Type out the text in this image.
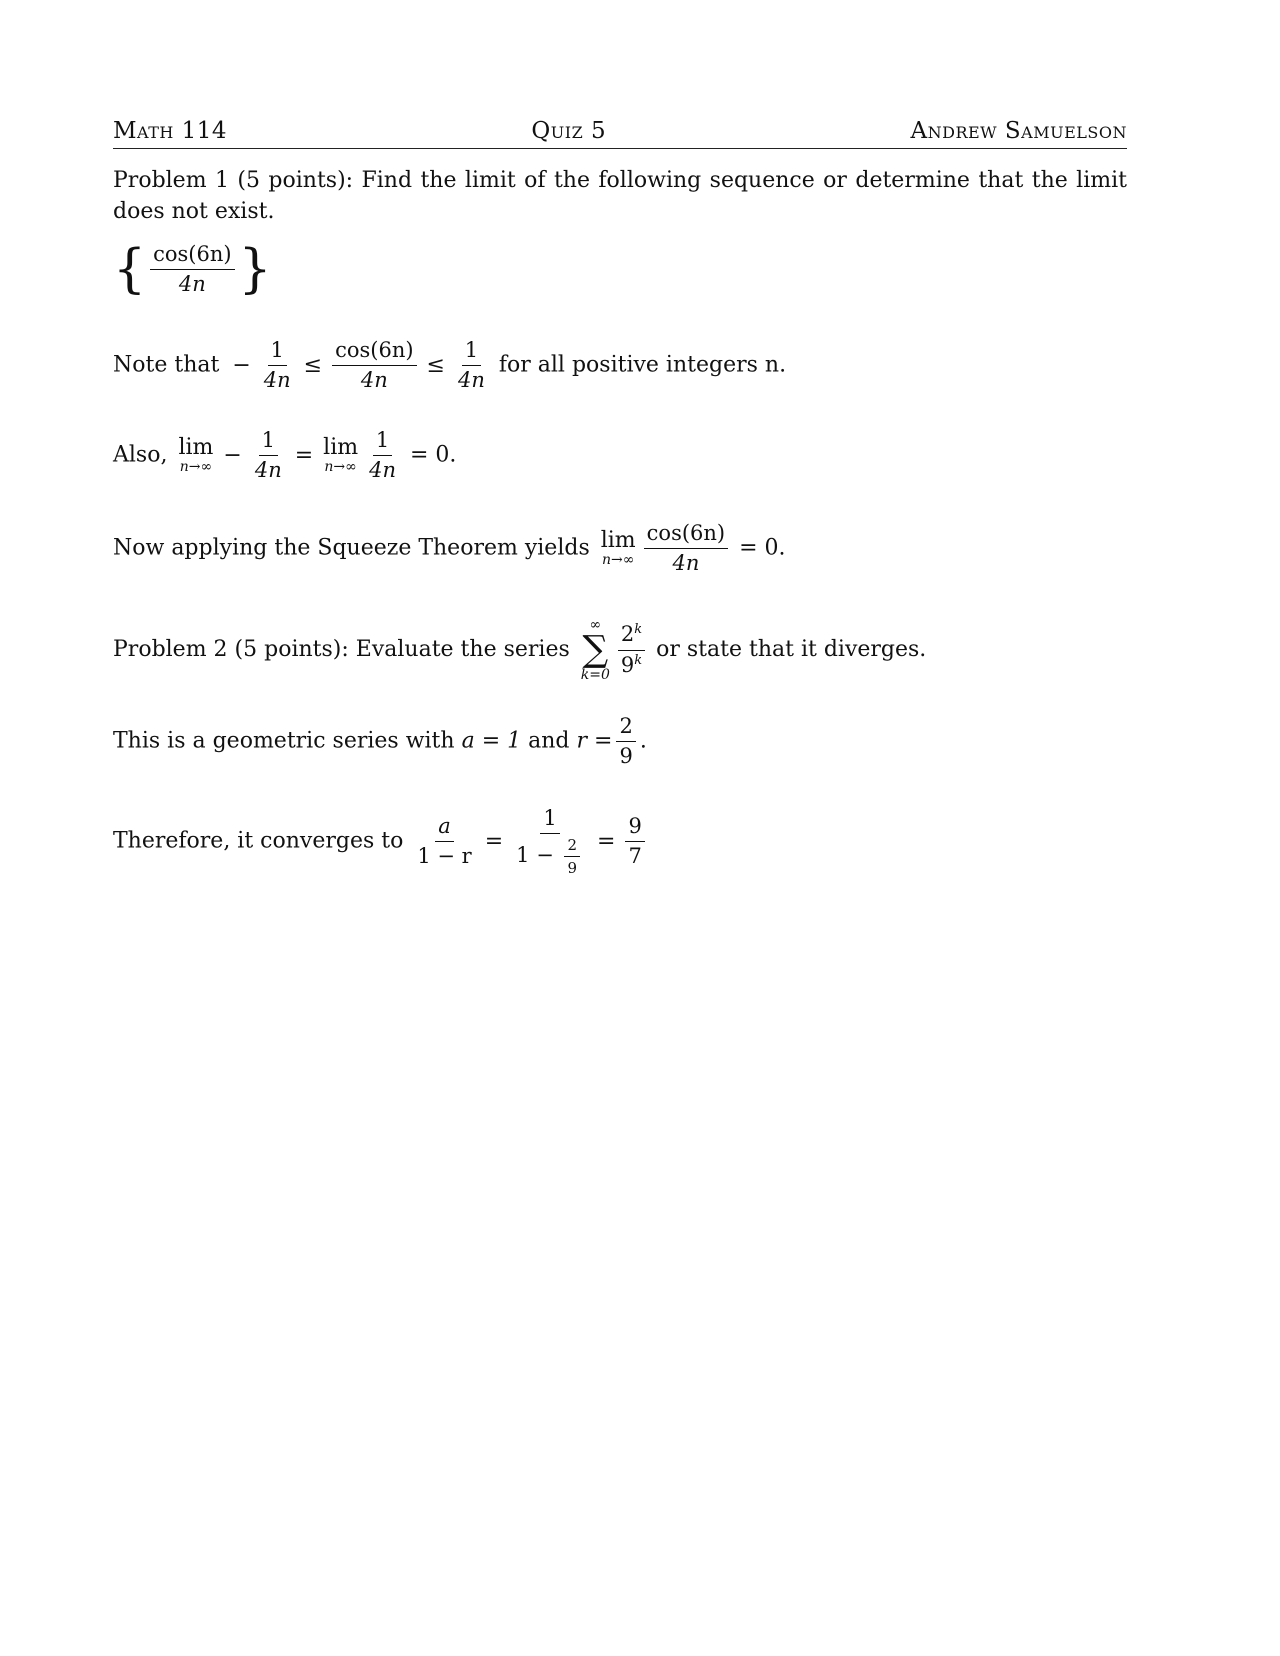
Math 114	Quiz 5	Andrew Samuelson
Problem 1 (5 points): Find the limit of the following sequence or determine that the limit does not exist.
{ $\frac{\cos(6n)}{4n}$ }
Note that − $\frac{1}{4n} \le \frac{\cos(6n)}{4n} \le \frac{1}{4n}$ for all positive integers n.
Also, lim
$n\to\infty - \frac{1}{4n} = \lim$
$n\to\infty \frac{1}{4n} = 0$.
Now applying the Squeeze Theorem yields lim
$n\to\infty \frac{\cos(6n)}{4n} = 0$.
Problem 2 (5 points): Evaluate the series
∞
∑
$k=0 \frac{2^k}{9^k}$ or state that it diverges.
This is a geometric series with a = 1 and $r = \frac{2}{9}$ .
Therefore, it converges to $\frac{a}{1 - r} = \frac{1}{1 - \frac{2}{9}} = \frac{9}{7}$
